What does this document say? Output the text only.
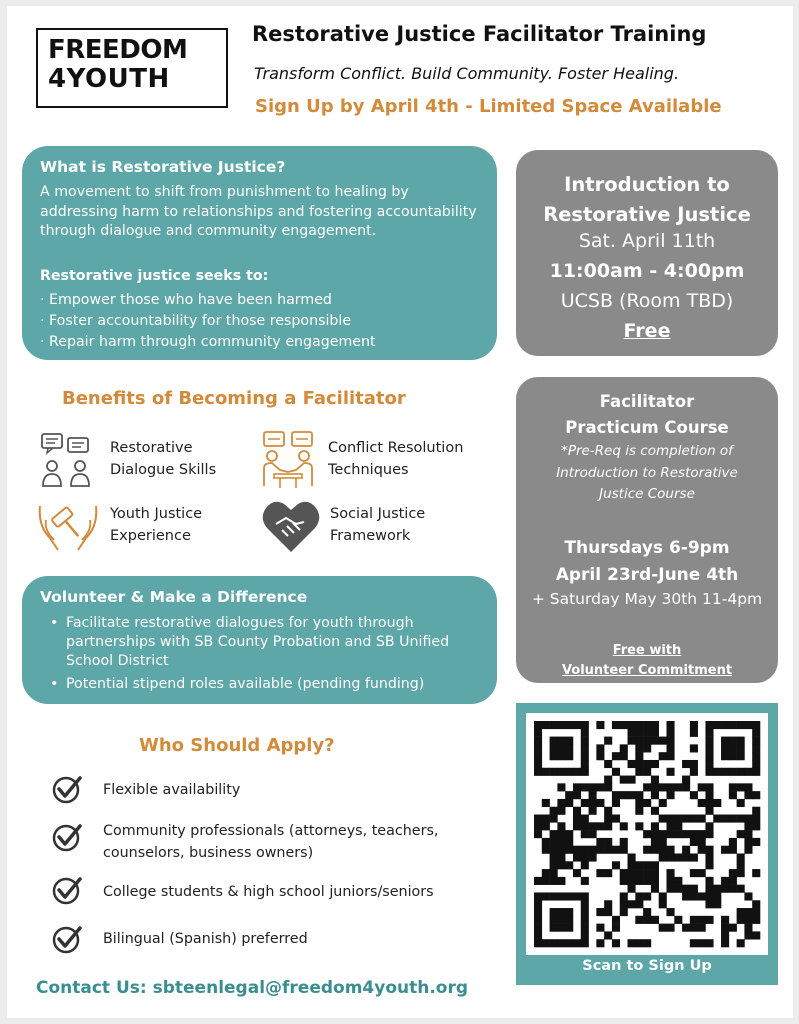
FREEDOM
4YOUTH
Restorative Justice Facilitator Training
Transform Conflict. Build Community. Foster Healing.
Sign Up by April 4th - Limited Space Available
What is Restorative Justice?
A movement to shift from punishment to healing by addressing harm to relationships and fostering accountability through dialogue and community engagement.
Restorative justice seeks to:
· Empower those who have been harmed
· Foster accountability for those responsible
· Repair harm through community engagement
Introduction to
Restorative Justice
Sat. April 11th
11:00am - 4:00pm
UCSB (Room TBD)
Free
Facilitator
Practicum Course
*Pre-Req is completion of
Introduction to Restorative
Justice Course
Thursdays 6-9pm
April 23rd-June 4th
+ Saturday May 30th 11-4pm
Free with
Volunteer Commitment
Benefits of Becoming a Facilitator
Restorative
Dialogue Skills
Conflict Resolution
Techniques
Youth Justice
Experience
Social Justice
Framework
Volunteer & Make a Difference
• Facilitate restorative dialogues for youth through partnerships with SB County Probation and SB Unified School District
• Potential stipend roles available (pending funding)
Who Should Apply?
Flexible availability
Community professionals (attorneys, teachers,
counselors, business owners)
College students & high school juniors/seniors
Bilingual (Spanish) preferred
Scan to Sign Up
Contact Us: sbteenlegal@freedom4youth.org
